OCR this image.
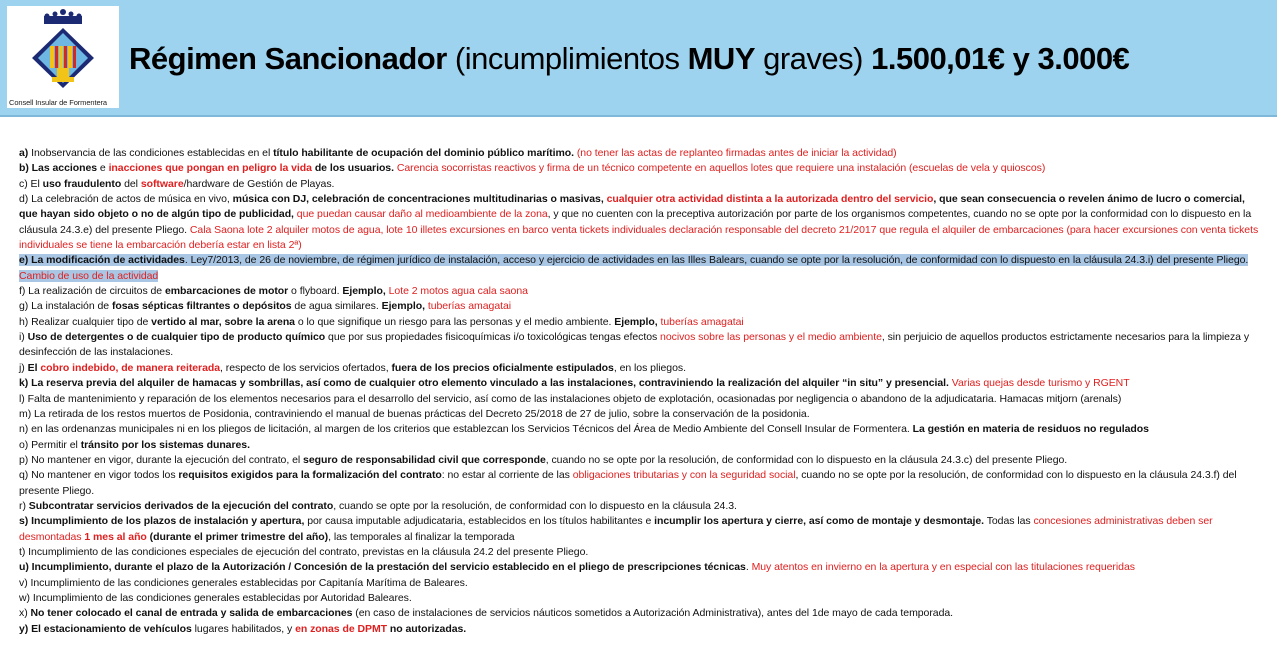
Consell Insular de Formentera
Régimen Sancionador (incumplimientos MUY graves) 1.500,01€ y 3.000€

a) Inobservancia de las condiciones establecidas en el título habilitante de ocupación del dominio público marítimo. (no tener las actas de replanteo firmadas antes de iniciar la actividad)

b) Las acciones e inacciones que pongan en peligro la vida de los usuarios. Carencia socorristas reactivos y firma de un técnico competente en aquellos lotes que requiere una instalación (escuelas de vela y quioscos)

c) El uso fraudulento del software/hardware de Gestión de Playas.

d) La celebración de actos de música en vivo, música con DJ, celebración de concentraciones multitudinarias o masivas, cualquier otra actividad distinta a la autorizada dentro del servicio, que sean consecuencia o revelen ánimo de lucro o comercial, que hayan sido objeto o no de algún tipo de publicidad, que puedan causar daño al medioambiente de la zona, y que no cuenten con la preceptiva autorización por parte de los organismos competentes, cuando no se opte por la conformidad con lo dispuesto en la cláusula 24.3.e) del presente Pliego. Cala Saona lote 2 alquiler motos de agua, lote 10 illetes excursiones en barco venta tickets individuales declaración responsable del decreto 21/2017 que regula el alquiler de embarcaciones (para hacer excursiones con venta tickets individuales se tiene la embarcación debería estar en lista 2ª)

e) La modificación de actividades. Ley7/2013, de 26 de noviembre, de régimen jurídico de instalación, acceso y ejercicio de actividades en las Illes Balears, cuando se opte por la resolución, de conformidad con lo dispuesto en la cláusula 24.3.i) del presente Pliego. Cambio de uso de la actividad

f) La realización de circuitos de embarcaciones de motor o flyboard. Ejemplo, Lote 2 motos agua cala saona

g) La instalación de fosas sépticas filtrantes o depósitos de agua similares. Ejemplo, tuberías amagatai

h) Realizar cualquier tipo de vertido al mar, sobre la arena o lo que signifique un riesgo para las personas y el medio ambiente. Ejemplo, tuberías amagatai

i) Uso de detergentes o de cualquier tipo de producto químico que por sus propiedades fisicoquímicas i/o toxicológicas tengas efectos nocivos sobre las personas y el medio ambiente, sin perjuicio de aquellos productos estrictamente necesarios para la limpieza y desinfección de las instalaciones.

j) El cobro indebido, de manera reiterada, respecto de los servicios ofertados, fuera de los precios oficialmente estipulados, en los pliegos.

k) La reserva previa del alquiler de hamacas y sombrillas, así como de cualquier otro elemento vinculado a las instalaciones, contraviniendo la realización del alquiler “in situ” y presencial. Varias quejas desde turismo y RGENT

l) Falta de mantenimiento y reparación de los elementos necesarios para el desarrollo del servicio, así como de las instalaciones objeto de explotación, ocasionadas por negligencia o abandono de la adjudicataria. Hamacas mitjorn (arenals)

m) La retirada de los restos muertos de Posidonia, contraviniendo el manual de buenas prácticas del Decreto 25/2018 de 27 de julio, sobre la conservación de la posidonia.

n) en las ordenanzas municipales ni en los pliegos de licitación, al margen de los criterios que establezcan los Servicios Técnicos del Área de Medio Ambiente del Consell Insular de Formentera. La gestión en materia de residuos no regulados

o) Permitir el tránsito por los sistemas dunares.

p) No mantener en vigor, durante la ejecución del contrato, el seguro de responsabilidad civil que corresponde, cuando no se opte por la resolución, de conformidad con lo dispuesto en la cláusula 24.3.c) del presente Pliego.

q) No mantener en vigor todos los requisitos exigidos para la formalización del contrato: no estar al corriente de las obligaciones tributarias y con la seguridad social, cuando no se opte por la resolución, de conformidad con lo dispuesto en la cláusula 24.3.f) del presente Pliego.

r) Subcontratar servicios derivados de la ejecución del contrato, cuando se opte por la resolución, de conformidad con lo dispuesto en la cláusula 24.3.

s) Incumplimiento de los plazos de instalación y apertura, por causa imputable adjudicataria, establecidos en los títulos habilitantes e incumplir los apertura y cierre, así como de montaje y desmontaje. Todas las concesiones administrativas deben ser desmontadas 1 mes al año (durante el primer trimestre del año), las temporales al finalizar la temporada

t) Incumplimiento de las condiciones especiales de ejecución del contrato, previstas en la cláusula 24.2 del presente Pliego.

u) Incumplimiento, durante el plazo de la Autorización / Concesión de la prestación del servicio establecido en el pliego de prescripciones técnicas. Muy atentos en invierno en la apertura y en especial con las titulaciones requeridas

v) Incumplimiento de las condiciones generales establecidas por Capitanía Marítima de Baleares.

w) Incumplimiento de las condiciones generales establecidas por Autoridad Baleares.

x) No tener colocado el canal de entrada y salida de embarcaciones (en caso de instalaciones de servicios náuticos sometidos a Autorización Administrativa), antes del 1de mayo de cada temporada.

y) El estacionamiento de vehículos lugares habilitados, y en zonas de DPMT no autorizadas.
